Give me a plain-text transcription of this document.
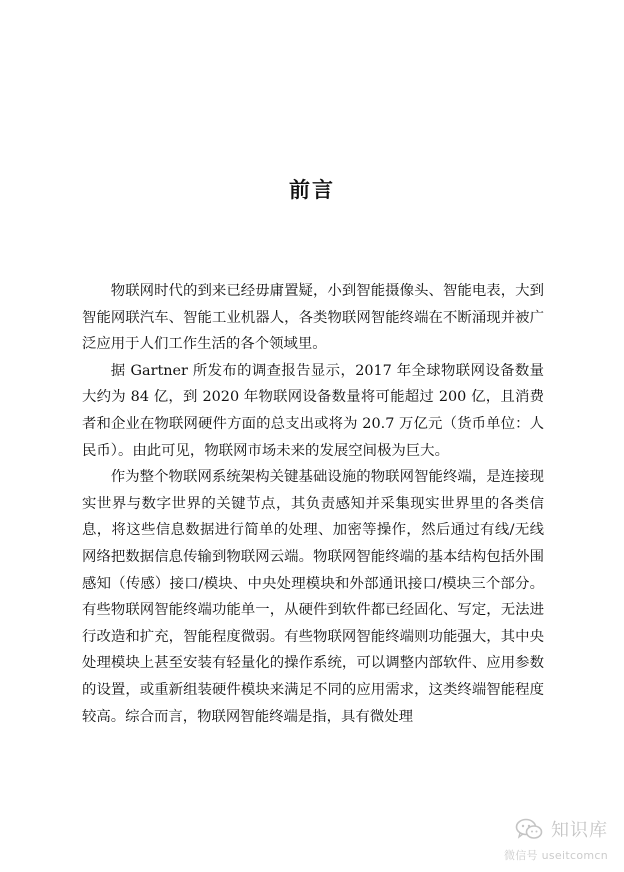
前言

物联网时代的到来已经毋庸置疑，小到智能摄像头、智能电表，大到智能网联汽车、智能工业机器人，各类物联网智能终端在不断涌现并被广泛应用于人们工作生活的各个领域里。

据 Gartner 所发布的调查报告显示，2017 年全球物联网设备数量大约为 84 亿，到 2020 年物联网设备数量将可能超过 200 亿，且消费者和企业在物联网硬件方面的总支出或将为 20.7 万亿元（货币单位：人民币）。由此可见，物联网市场未来的发展空间极为巨大。

作为整个物联网系统架构关键基础设施的物联网智能终端，是连接现实世界与数字世界的关键节点，其负责感知并采集现实世界里的各类信息，将这些信息数据进行简单的处理、加密等操作，然后通过有线/无线网络把数据信息传输到物联网云端。物联网智能终端的基本结构包括外围感知（传感）接口/模块、中央处理模块和外部通讯接口/模块三个部分。有些物联网智能终端功能单一，从硬件到软件都已经固化、写定，无法进行改造和扩充，智能程度微弱。有些物联网智能终端则功能强大，其中央处理模块上甚至安装有轻量化的操作系统，可以调整内部软件、应用参数的设置，或重新组装硬件模块来满足不同的应用需求，这类终端智能程度较高。综合而言，物联网智能终端是指，具有微处理

知识库
微信号 useitcomcn
